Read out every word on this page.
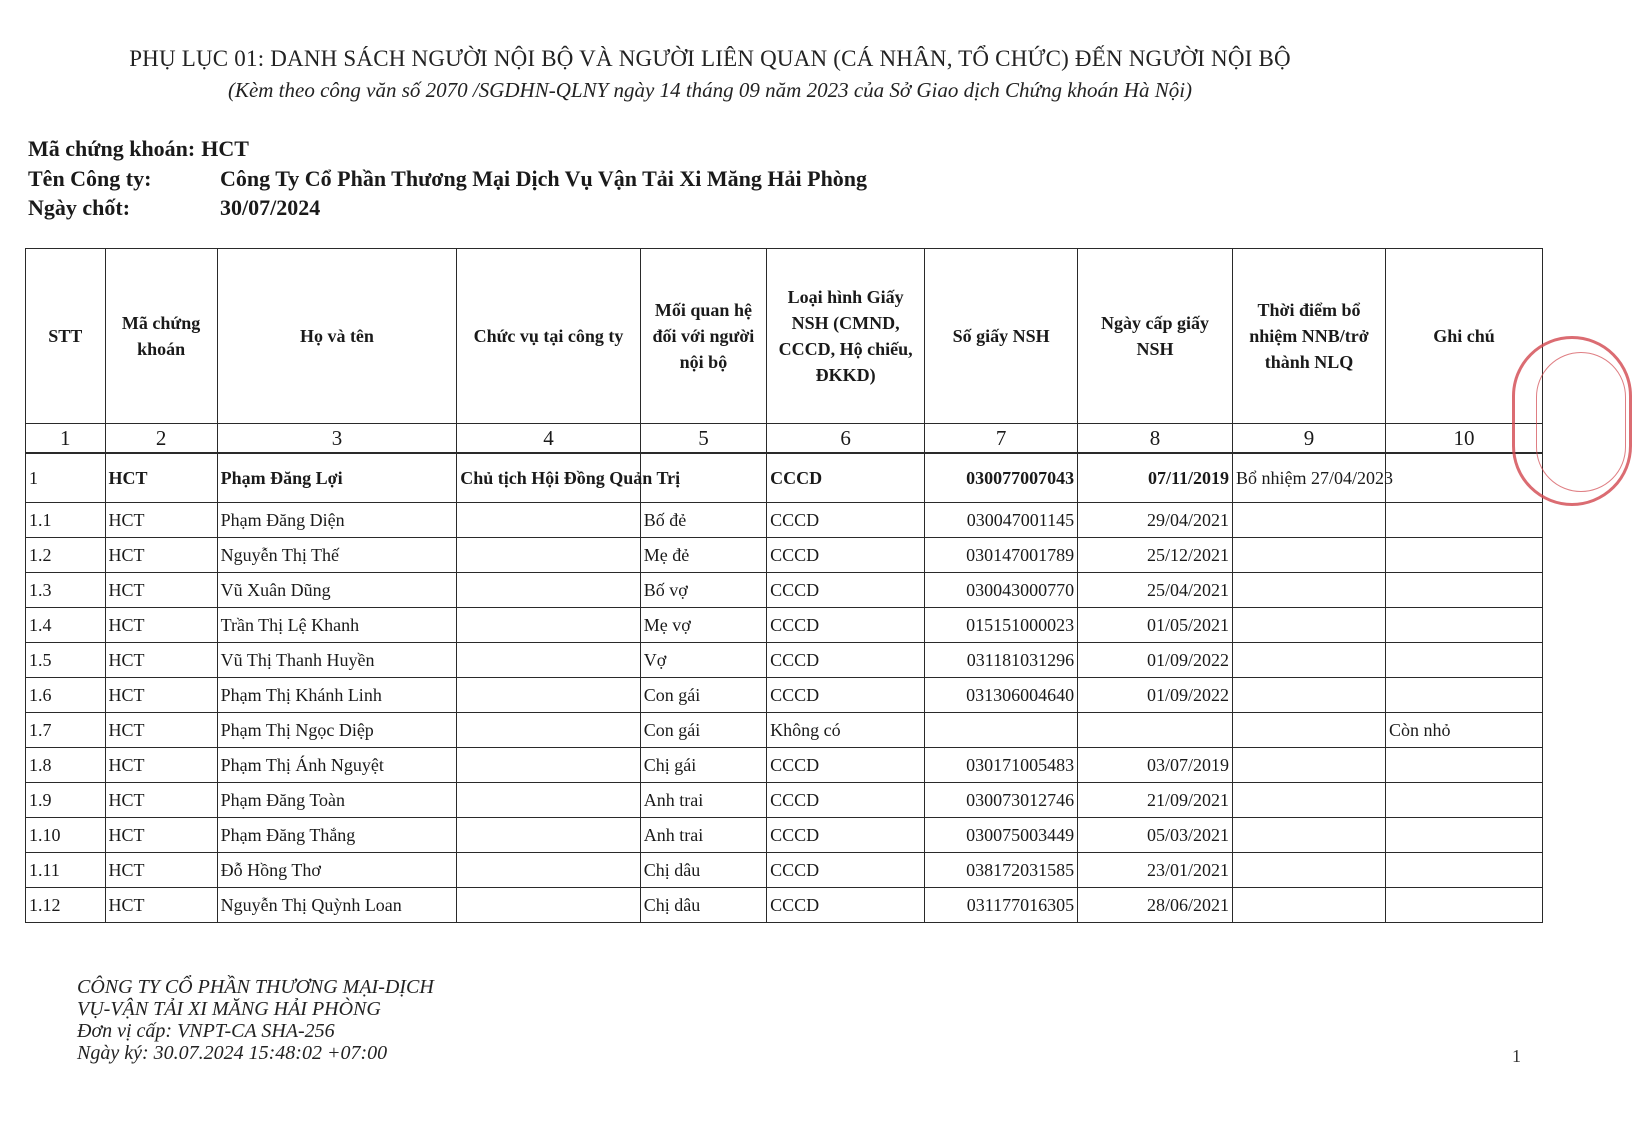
PHỤ LỤC 01: DANH SÁCH NGƯỜI NỘI BỘ VÀ NGƯỜI LIÊN QUAN (CÁ NHÂN, TỔ CHỨC) ĐẾN NGƯỜI NỘI BỘ
(Kèm theo công văn số 2070 /SGDHN-QLNY ngày 14 tháng 09 năm 2023 của Sở Giao dịch Chứng khoán Hà Nội)
Mã chứng khoán: HCT
Tên Công ty:	Công Ty Cổ Phần Thương Mại Dịch Vụ Vận Tải Xi Măng Hải Phòng
Ngày chốt:	30/07/2024
STT	Mã chứng khoán	Họ và tên	Chức vụ tại công ty	Mối quan hệ đối với người nội bộ	Loại hình Giấy NSH (CMND, CCCD, Hộ chiếu, ĐKKD)	Số giấy NSH	Ngày cấp giấy NSH	Thời điểm bổ nhiệm NNB/trở thành NLQ	Ghi chú
1	2	3	4	5	6	7	8	9	10
1	HCT	Phạm Đăng Lợi	Chủ tịch Hội Đồng Quản Trị		CCCD	030077007043	07/11/2019	Bổ nhiệm 27/04/2023	
1.1	HCT	Phạm Đăng Diện		Bố đẻ	CCCD	030047001145	29/04/2021		
1.2	HCT	Nguyễn Thị Thế		Mẹ đẻ	CCCD	030147001789	25/12/2021		
1.3	HCT	Vũ Xuân Dũng		Bố vợ	CCCD	030043000770	25/04/2021		
1.4	HCT	Trần Thị Lệ Khanh		Mẹ vợ	CCCD	015151000023	01/05/2021		
1.5	HCT	Vũ Thị Thanh Huyền		Vợ	CCCD	031181031296	01/09/2022		
1.6	HCT	Phạm Thị Khánh Linh		Con gái	CCCD	031306004640	01/09/2022		
1.7	HCT	Phạm Thị Ngọc Diệp		Con gái	Không có				Còn nhỏ
1.8	HCT	Phạm Thị Ánh Nguyệt		Chị gái	CCCD	030171005483	03/07/2019		
1.9	HCT	Phạm Đăng Toàn		Anh trai	CCCD	030073012746	21/09/2021		
1.10	HCT	Phạm Đăng Thắng		Anh trai	CCCD	030075003449	05/03/2021		
1.11	HCT	Đỗ Hồng Thơ		Chị dâu	CCCD	038172031585	23/01/2021		
1.12	HCT	Nguyễn Thị Quỳnh Loan		Chị dâu	CCCD	031177016305	28/06/2021		
CÔNG TY CỔ PHẦN THƯƠNG MẠI-DỊCH
VỤ-VẬN TẢI XI MĂNG HẢI PHÒNG
Đơn vị cấp: VNPT-CA SHA-256
Ngày ký: 30.07.2024 15:48:02 +07:00	1
